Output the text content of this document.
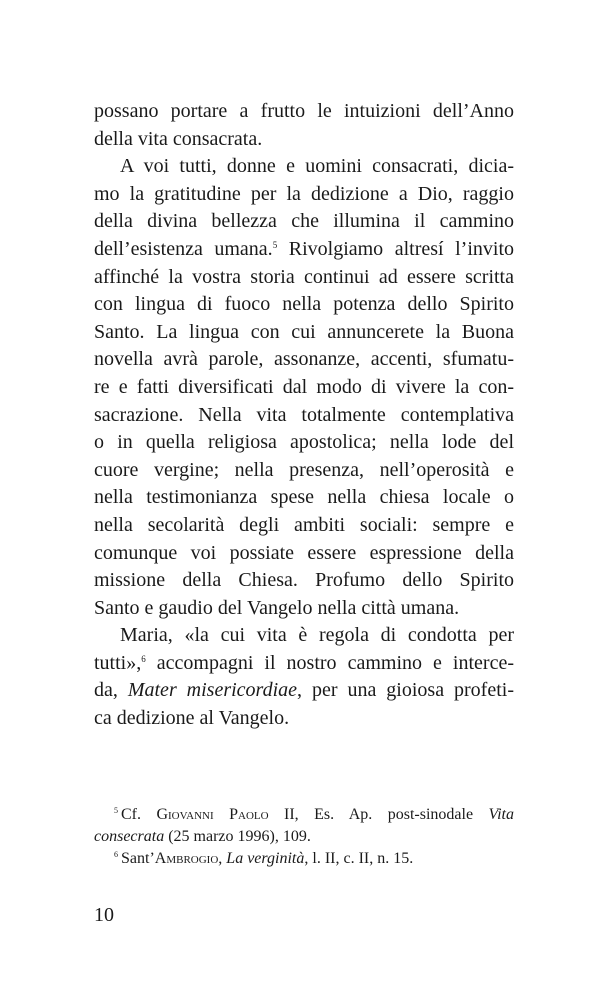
possano portare a frutto le intuizioni dell’Anno
della vita consacrata.
A voi tutti, donne e uomini consacrati, dicia-
mo la gratitudine per la dedizione a Dio, raggio
della divina bellezza che illumina il cammino
dell’esistenza umana.$^5$ Rivolgiamo altresí l’invito
affinché la vostra storia continui ad essere scritta
con lingua di fuoco nella potenza dello Spirito
Santo. La lingua con cui annuncerete la Buona
novella avrà parole, assonanze, accenti, sfumatu-
re e fatti diversificati dal modo di vivere la con-
sacrazione. Nella vita totalmente contemplativa
o in quella religiosa apostolica; nella lode del
cuore vergine; nella presenza, nell’operosità e
nella testimonianza spese nella chiesa locale o
nella secolarità degli ambiti sociali: sempre e
comunque voi possiate essere espressione della
missione della Chiesa. Profumo dello Spirito
Santo e gaudio del Vangelo nella città umana.
Maria, «la cui vita è regola di condotta per
tutti»,$^6$ accompagni il nostro cammino e interce-
da, Mater misericordiae, per una gioiosa profeti-
ca dedizione al Vangelo.
$^5$ Cf. Giovanni Paolo II, Es. Ap. post-sinodale Vita
consecrata (25 marzo 1996), 109.
$^6$ Sant’Ambrogio, La verginità, l. II, c. II, n. 15.
10
